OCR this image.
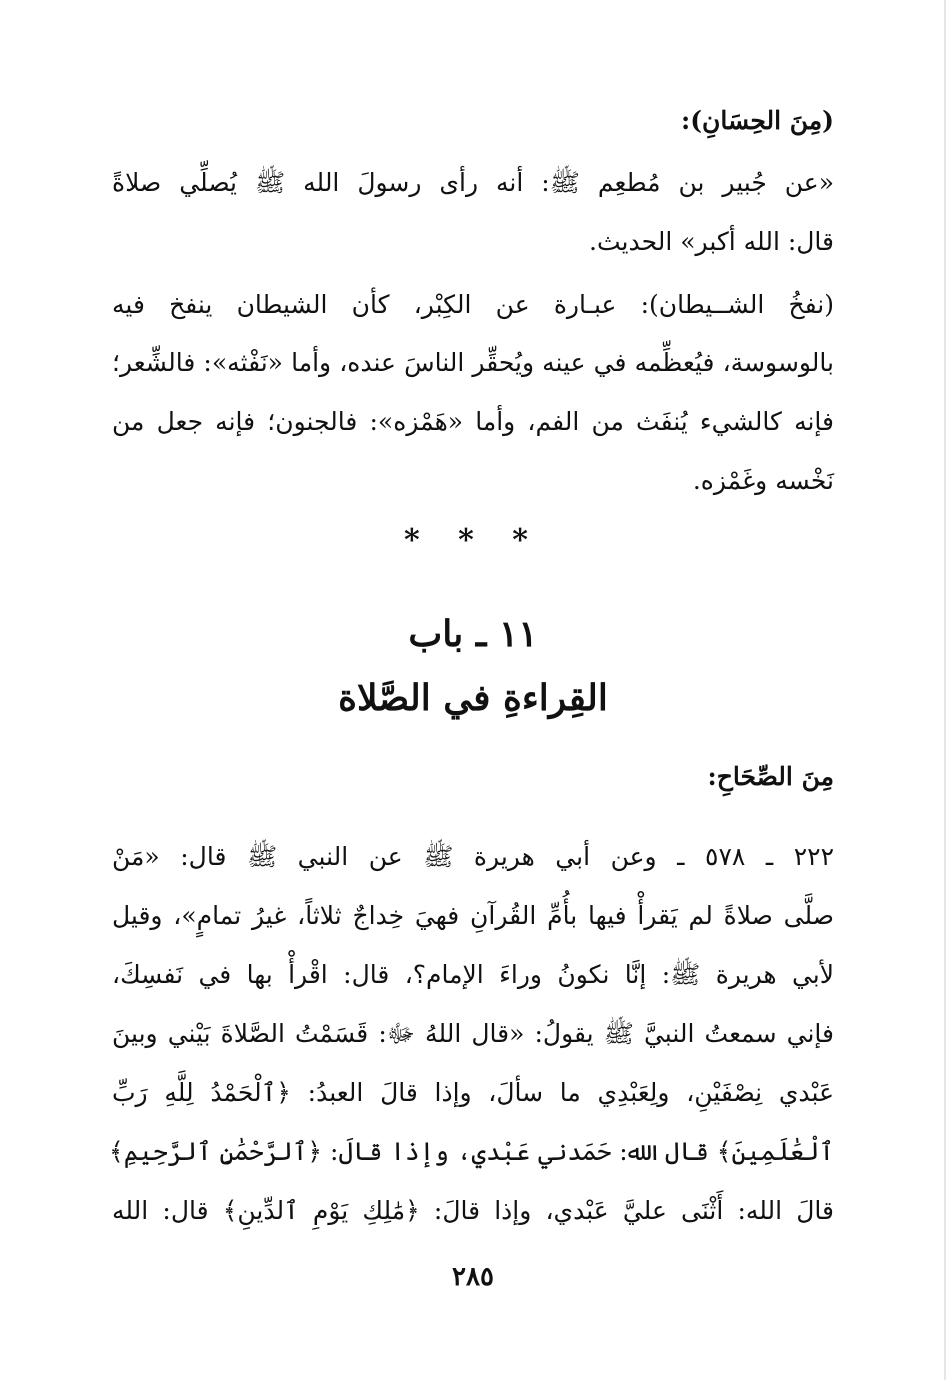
(مِنَ الحِسَانِ):
«عن جُبير بن مُطعِم ﷺ: أنه رأى رسولَ الله ﷺ يُصلِّي صلاةً
قال: الله أكبر» الحديث.
(نفخُ الشــيطان): عبـارة عن الكِبْر، كأن الشيطان ينفخ فيه
بالوسوسة، فيُعظِّمه في عينه ويُحقِّر الناسَ عنده، وأما «نَفْثه»: فالشِّعر؛
فإنه كالشيء يُنفَث من الفم، وأما «هَمْزه»: فالجنون؛ فإنه جعل من
نَخْسه وغَمْزه.
* * *
١١ ـ باب
القِراءةِ في الصَّلاة
مِنَ الصِّحَاحِ:
٢٢٢ ـ ٥٧٨ ـ وعن أبي هريرة ﷺ عن النبي ﷺ قال: «مَنْ
صلَّى صلاةً لم يَقرأْ فيها بأُمِّ القُرآنِ فهيَ خِداجٌ ثلاثاً، غيرُ تمامٍ»، وقيل
لأبي هريرة ﷺ: إنَّا نكونُ وراءَ الإمام؟، قال: اقْرأْ بها في نَفسِكَ،
فإني سمعتُ النبيَّ ﷺ يقولُ: «قال اللهُ ﷻ: قَسَمْتُ الصَّلاةَ بَيْني وبينَ
عَبْدي نِصْفَيْنِ، ولِعَبْدِي ما سألَ، وإذا قالَ العبدُ: ﴿ٱلْحَمْدُ لِلَّهِ رَبِّ
ٱلْعَٰلَمِينَ﴾ قال الله: حَمَدني عَبْدي، وإذا قالَ: ﴿ٱلرَّحْمَٰنِ ٱلرَّحِيمِ﴾
قالَ الله: أَثْنَى عليَّ عَبْدي، وإذا قالَ: ﴿مَٰلِكِ يَوْمِ ٱلدِّينِ﴾ قال: الله
٢٨٥
